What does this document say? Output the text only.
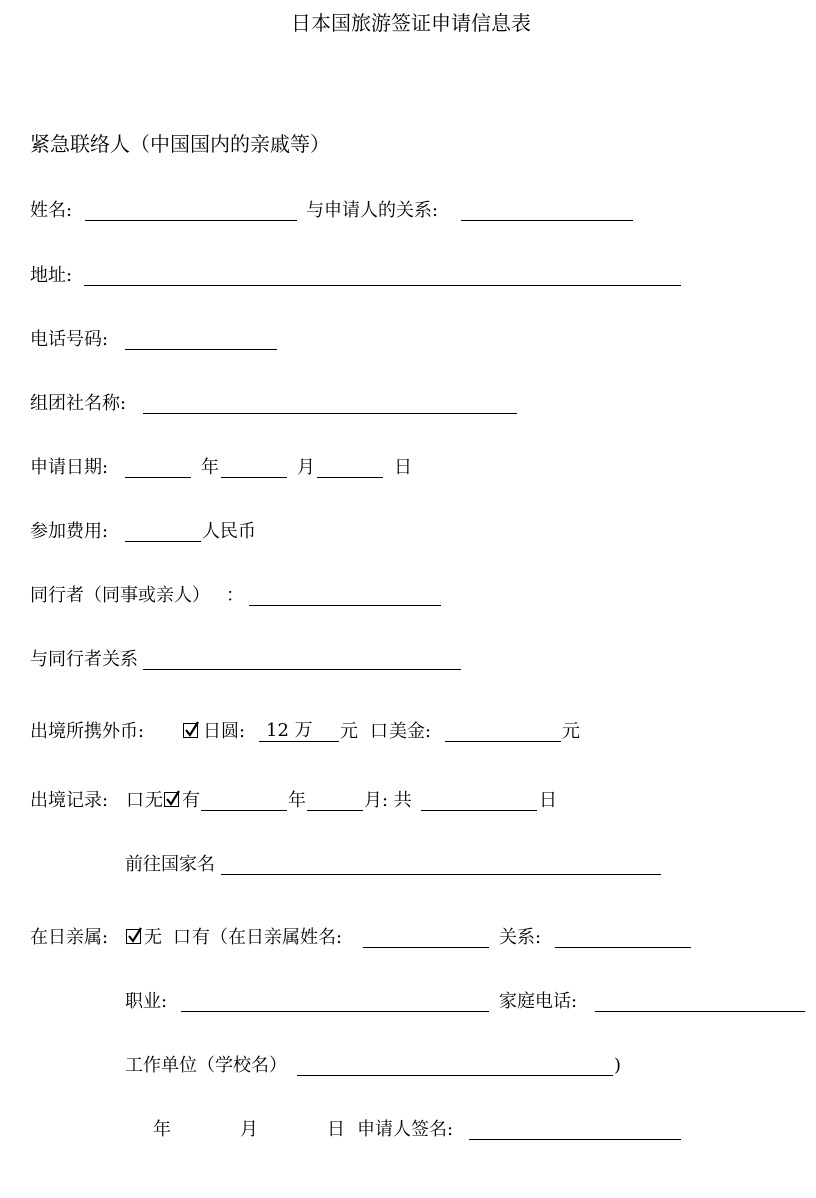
日本国旅游签证申请信息表
紧急联络人（中国国内的亲戚等）
姓名:	与申请人的关系:
地址:
电话号码:
组团社名称:
申请日期:	年	月	日
参加费用:	人民币
同行者（同事或亲人） ：
与同行者关系
出境所携外币:	日圆: 12 万 元 口 美金:	元
出境记录: 口 无 有	年	月: 共	日
前往国家名
在日亲属: 无 口 有（在日亲属姓名:	关系:
职业:	家庭电话:
工作单位（学校名）	)
年	月	日 申请人签名:
